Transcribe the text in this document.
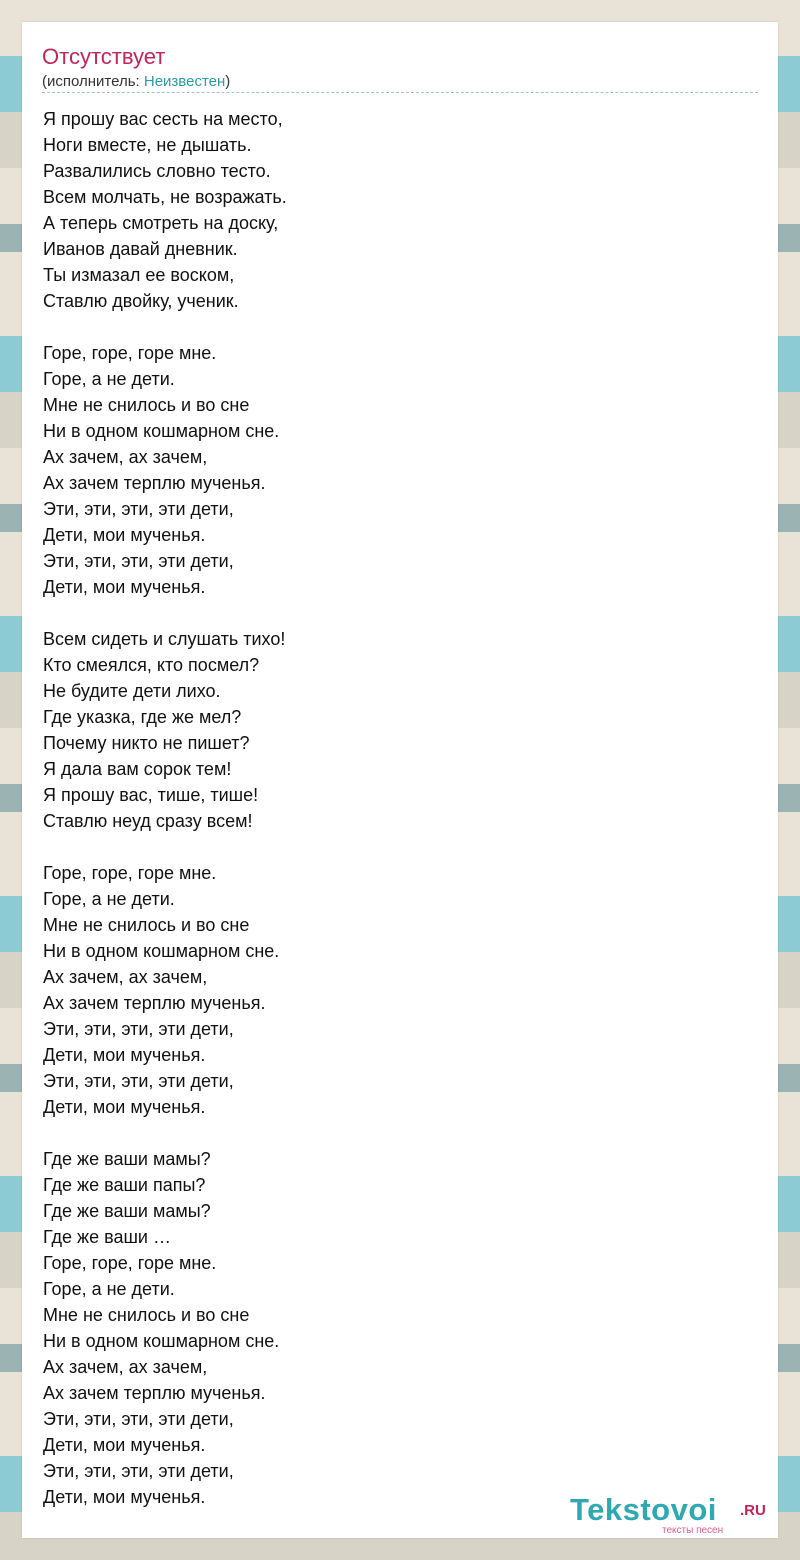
Отсутствует
(исполнитель: Неизвестен)
Я прошу вас сесть на место,
Ноги вместе, не дышать.
Развалились словно тесто.
Всем молчать, не возражать.
А теперь смотреть на доску,
Иванов давай дневник.
Ты измазал ее воском,
Ставлю двойку, ученик.
Горе, горе, горе мне.
Горе, а не дети.
Мне не снилось и во сне
Ни в одном кошмарном сне.
Ах зачем, ах зачем,
Ах зачем терплю мученья.
Эти, эти, эти, эти дети,
Дети, мои мученья.
Эти, эти, эти, эти дети,
Дети, мои мученья.
Всем сидеть и слушать тихо!
Кто смеялся, кто посмел?
Не будите дети лихо.
Где указка, где же мел?
Почему никто не пишет?
Я дала вам сорок тем!
Я прошу вас, тише, тише!
Ставлю неуд сразу всем!
Горе, горе, горе мне.
Горе, а не дети.
Мне не снилось и во сне
Ни в одном кошмарном сне.
Ах зачем, ах зачем,
Ах зачем терплю мученья.
Эти, эти, эти, эти дети,
Дети, мои мученья.
Эти, эти, эти, эти дети,
Дети, мои мученья.
Где же ваши мамы?
Где же ваши папы?
Где же ваши мамы?
Где же ваши …
Горе, горе, горе мне.
Горе, а не дети.
Мне не снилось и во сне
Ни в одном кошмарном сне.
Ах зачем, ах зачем,
Ах зачем терплю мученья.
Эти, эти, эти, эти дети,
Дети, мои мученья.
Эти, эти, эти, эти дети,
Дети, мои мученья.	Tekstovoi .RU
тексты песен
